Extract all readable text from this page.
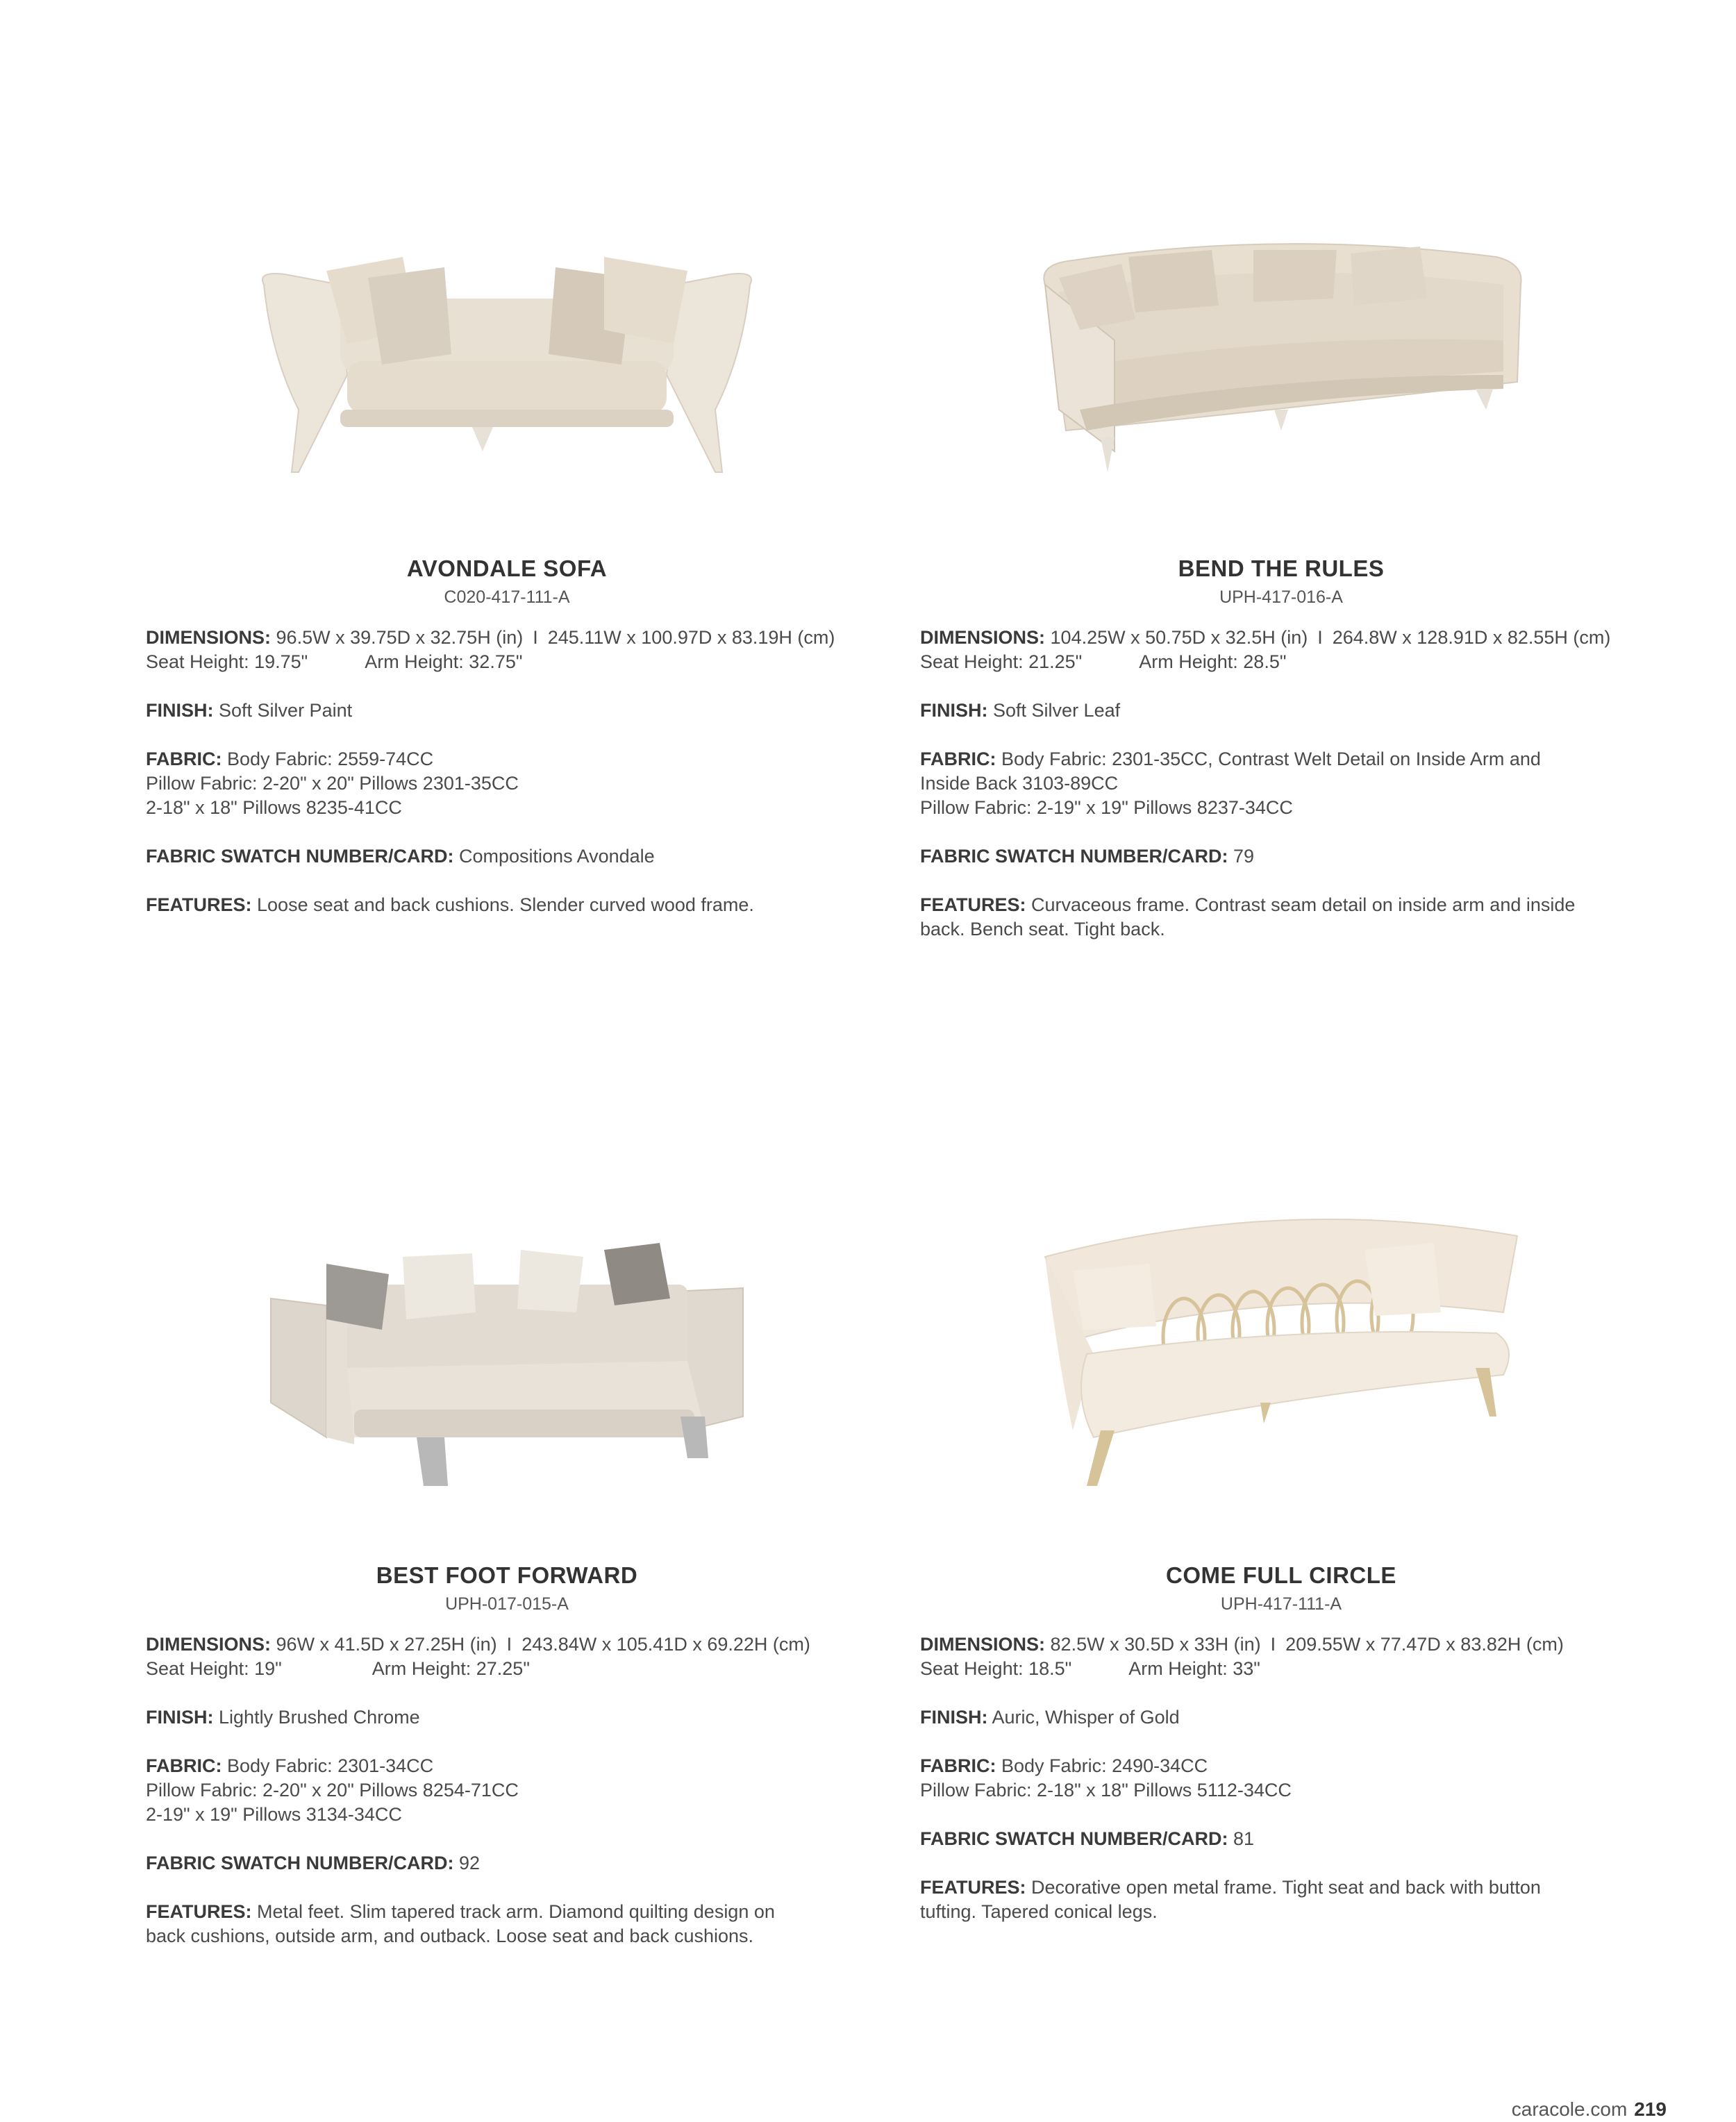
AVONDALE SOFA
C020-417-111-A
DIMENSIONS: 96.5W x 39.75D x 32.75H (in) I 245.11W x 100.97D x 83.19H (cm)
Seat Height: 19.75"	Arm Height: 32.75"
FINISH: Soft Silver Paint
FABRIC: Body Fabric: 2559-74CC
Pillow Fabric: 2-20" x 20" Pillows 2301-35CC
2-18" x 18" Pillows 8235-41CC
FABRIC SWATCH NUMBER/CARD: Compositions Avondale
FEATURES: Loose seat and back cushions. Slender curved wood frame.
BEND THE RULES
UPH-417-016-A
DIMENSIONS: 104.25W x 50.75D x 32.5H (in) I 264.8W x 128.91D x 82.55H (cm)
Seat Height: 21.25"	Arm Height: 28.5"
FINISH: Soft Silver Leaf
FABRIC: Body Fabric: 2301-35CC, Contrast Welt Detail on Inside Arm and
Inside Back 3103-89CC
Pillow Fabric: 2-19" x 19" Pillows 8237-34CC
FABRIC SWATCH NUMBER/CARD: 79
FEATURES: Curvaceous frame. Contrast seam detail on inside arm and inside
back. Bench seat. Tight back.
BEST FOOT FORWARD
UPH-017-015-A
DIMENSIONS: 96W x 41.5D x 27.25H (in) I 243.84W x 105.41D x 69.22H (cm)
Seat Height: 19"	Arm Height: 27.25"
FINISH: Lightly Brushed Chrome
FABRIC: Body Fabric: 2301-34CC
Pillow Fabric: 2-20" x 20" Pillows 8254-71CC
2-19" x 19" Pillows 3134-34CC
FABRIC SWATCH NUMBER/CARD: 92
FEATURES: Metal feet. Slim tapered track arm. Diamond quilting design on
back cushions, outside arm, and outback. Loose seat and back cushions.
COME FULL CIRCLE
UPH-417-111-A
DIMENSIONS: 82.5W x 30.5D x 33H (in) I 209.55W x 77.47D x 83.82H (cm)
Seat Height: 18.5"	Arm Height: 33"
FINISH: Auric, Whisper of Gold
FABRIC: Body Fabric: 2490-34CC
Pillow Fabric: 2-18" x 18" Pillows 5112-34CC
FABRIC SWATCH NUMBER/CARD: 81
FEATURES: Decorative open metal frame. Tight seat and back with button
tufting. Tapered conical legs.
caracole.com 219
